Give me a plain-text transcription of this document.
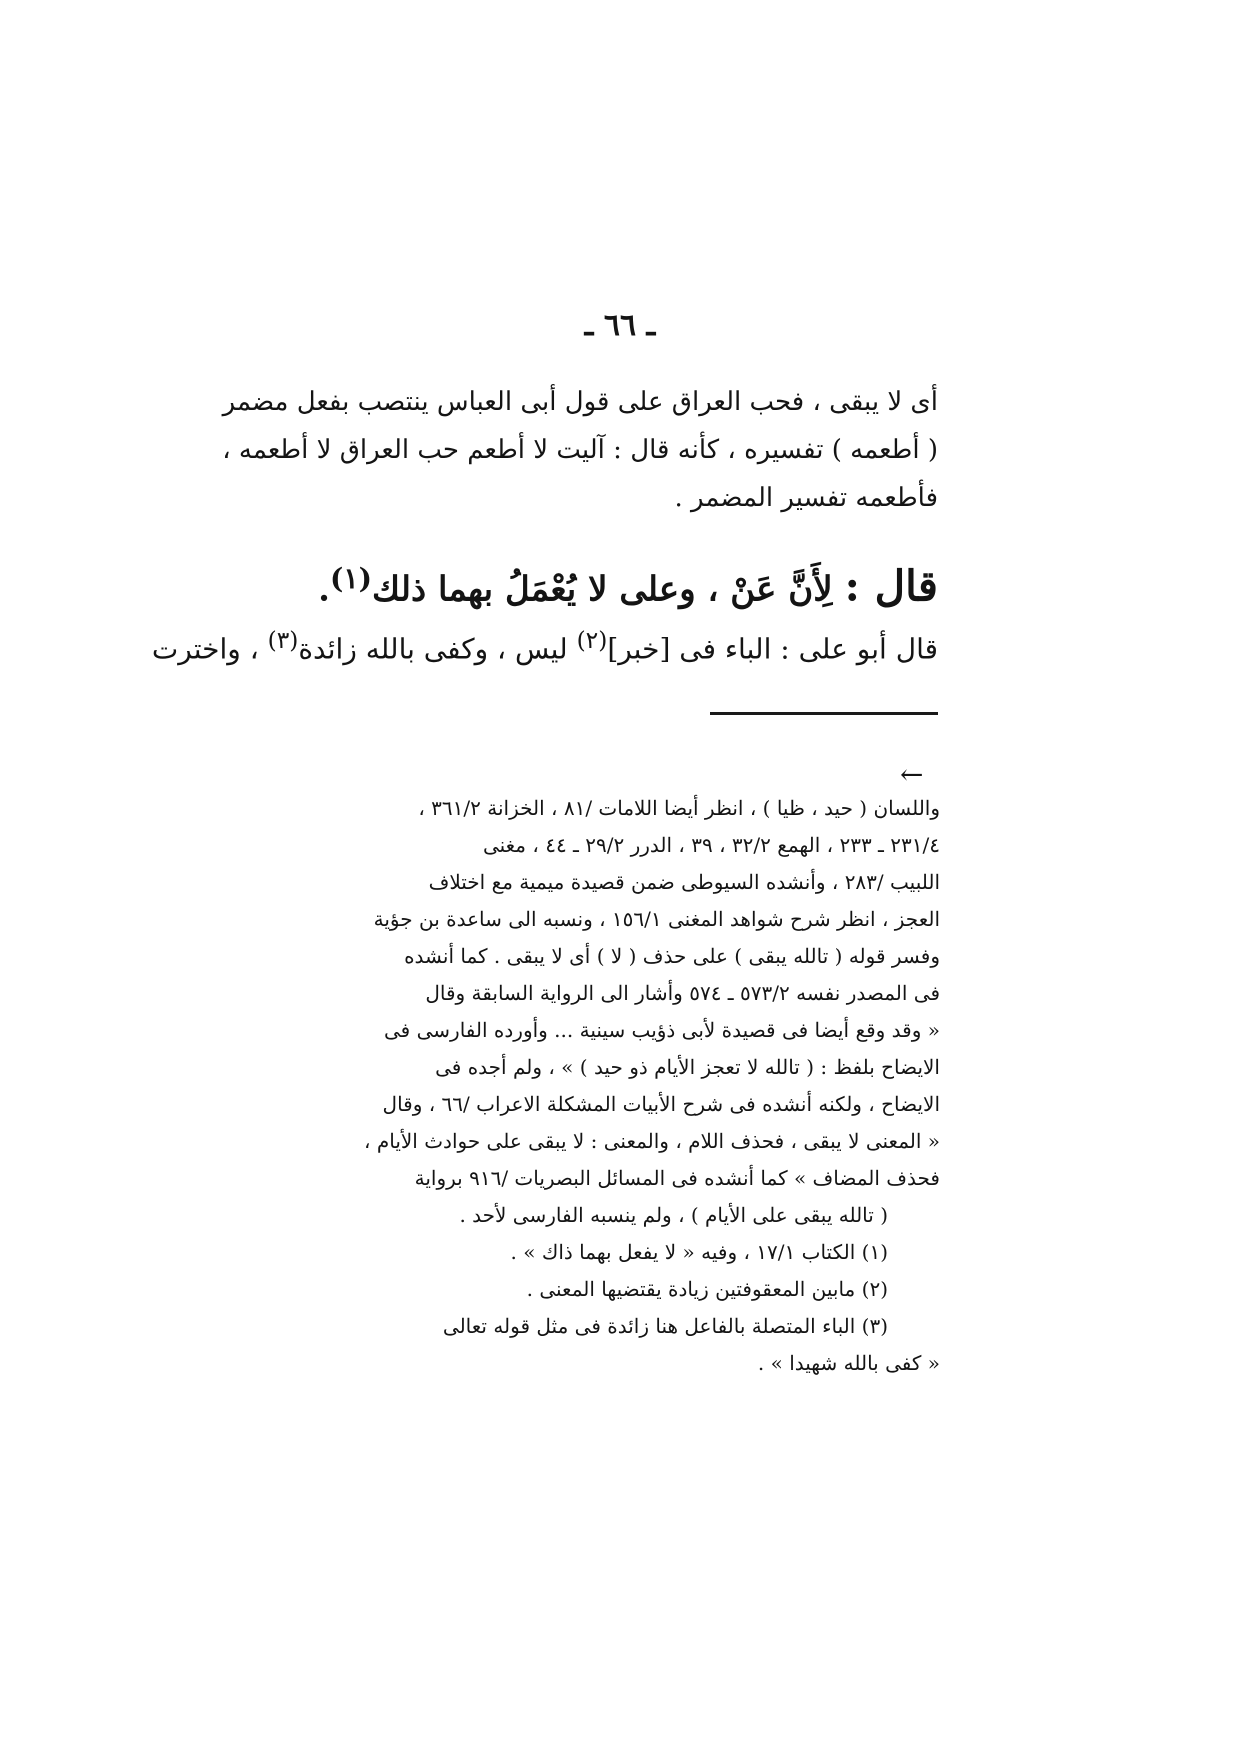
ـ ٦٦ ـ
أى لا يبقى ، فحب العراق على قول أبى العباس ينتصب بفعل مضمر
( أطعمه ) تفسيره ، كأنه قال : آليت لا أطعم حب العراق لا أطعمه ،
فأطعمه تفسير المضمر .
قال : لِأَنَّ عَنْ ، وعلى لا يُعْمَلُ بهما ذلك$^{(١)}$.
قال أبو على : الباء فى [خبر]$^{(٢)}$ ليس ، وكفى بالله زائدة$^{(٣)}$ ، واخترت
←
واللسان ( حيد ، ظيا ) ، انظر أيضا اللامات /٨١ ، الخزانة ٣٦١/٢ ،
٢٣١/٤ ـ ٢٣٣ ، الهمع ٣٢/٢ ، ٣٩ ، الدرر ٢٩/٢ ـ ٤٤ ، مغنى
اللبيب /٢٨٣ ، وأنشده السيوطى ضمن قصيدة ميمية مع اختلاف
العجز ، انظر شرح شواهد المغنى ١٥٦/١ ، ونسبه الى ساعدة بن جؤية
وفسر قوله ( تالله يبقى ) على حذف ( لا ) أى لا يبقى . كما أنشده
فى المصدر نفسه ٥٧٣/٢ ـ ٥٧٤ وأشار الى الرواية السابقة وقال
« وقد وقع أيضا فى قصيدة لأبى ذؤيب سينية ... وأورده الفارسى فى
الايضاح بلفظ : ( تالله لا تعجز الأيام ذو حيد ) » ، ولم أجده فى
الايضاح ، ولكنه أنشده فى شرح الأبيات المشكلة الاعراب /٦٦ ، وقال
« المعنى لا يبقى ، فحذف اللام ، والمعنى : لا يبقى على حوادث الأيام ،
فحذف المضاف » كما أنشده فى المسائل البصريات /٩١٦ برواية
( تالله يبقى على الأيام ) ، ولم ينسبه الفارسى لأحد .
(١) الكتاب ١٧/١ ، وفيه « لا يفعل بهما ذاك » .
(٢) مابين المعقوفتين زيادة يقتضيها المعنى .
(٣) الباء المتصلة بالفاعل هنا زائدة فى مثل قوله تعالى
« كفى بالله شهيدا » .
